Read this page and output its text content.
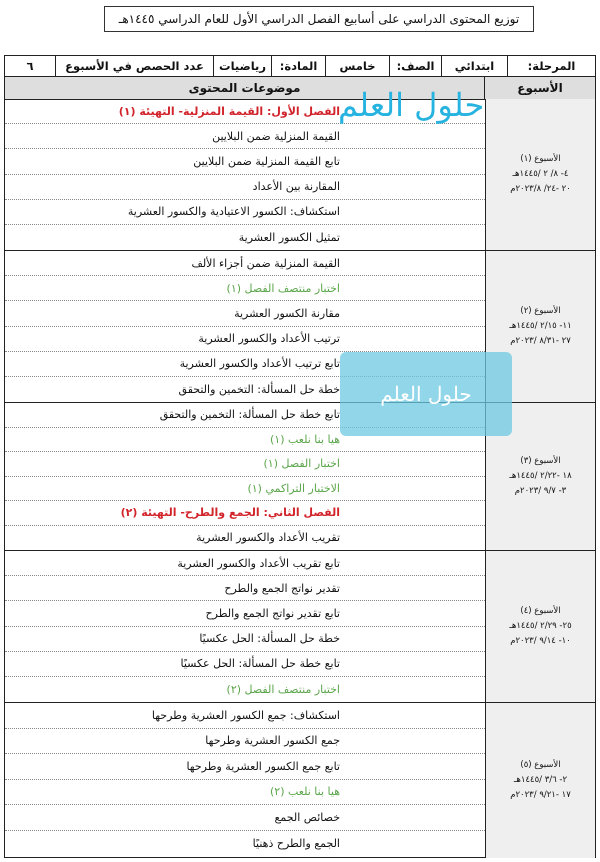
توزيع المحتوى الدراسي على أسابيع الفصل الدراسي الأول للعام الدراسي ١٤٤٥هـ
المرحلة:
ابتدائي
الصف:
خامس
المادة:
رياضيات
عدد الحصص في الأسبوع
٦
الأسبوع
موضوعات المحتوى
الأسبوع (١)
٤- ٨/ ٢ /١٤٤٥هـ
٢٠ -٢٤/ ٢٠٢٣/٨م
الفصل الأول: القيمة المنزلية- التهيئة (١)
القيمة المنزلية ضمن البلايين
تابع القيمة المنزلية ضمن البلايين
المقارنة بين الأعداد
استكشاف: الكسور الاعتيادية والكسور العشرية
تمثيل الكسور العشرية
الأسبوع (٢)
١١- ٢/١٥ /١٤٤٥هـ
٢٧ -٨/٣١ /٢٠٢٣م
القيمة المنزلية ضمن أجزاء الألف
اختبار منتصف الفصل (١)
مقارنة الكسور العشرية
ترتيب الأعداد والكسور العشرية
تابع ترتيب الأعداد والكسور العشرية
خطة حل المسألة: التخمين والتحقق
الأسبوع (٣)
١٨ -٢/٢٢ /١٤٤٥هـ
٣- ٩/٧ /٢٠٢٣م
تابع خطة حل المسألة: التخمين والتحقق
هيا بنا نلعب (١)
اختبار الفصل (١)
الاختبار التراكمي (١)
الفصل الثاني: الجمع والطرح- التهيئة (٢)
تقريب الأعداد والكسور العشرية
الأسبوع (٤)
٢٥- ٢/٢٩ /١٤٤٥هـ
١٠- ٩/١٤ /٢٠٢٣م
تابع تقريب الأعداد والكسور العشرية
تقدير نواتج الجمع والطرح
تابع تقدير نواتج الجمع والطرح
خطة حل المسألة: الحل عكسيًا
تابع خطة حل المسألة: الحل عكسيًا
اختبار منتصف الفصل (٢)
الأسبوع (٥)
٢- ٣/٦ /١٤٤٥هـ
١٧ -٩/٢١ /٢٠٢٣م
استكشاف: جمع الكسور العشرية وطرحها
جمع الكسور العشرية وطرحها
تابع جمع الكسور العشرية وطرحها
هيا بنا نلعب (٢)
خصائص الجمع
الجمع والطرح ذهنيًا
حلول العلم
حلول العلم
